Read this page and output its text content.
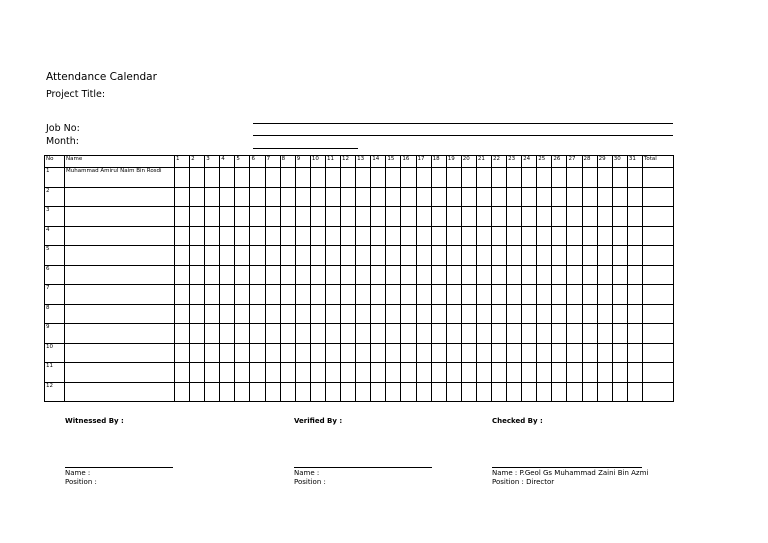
Attendance Calendar
Project Title:
Job No:
Month:
No	Name	1	2	3	4	5	6	7	8	9	10	11	12	13	14	15	16	17	18	19	20	21	22	23	24	25	26	27	28	29	30	31	Total
1	Muhammad Amirul Naim Bin Rosdi																																
2																																	
3																																	
4																																	
5																																	
6																																	
7																																	
8																																	
9																																	
10																																	
11																																	
12																																	
Witnessed By :	Verified By :	Checked By :
Name :
Position :
Name :
Position :
Name : P.Geol Gs Muhammad Zaini Bin Azmi
Position : Director
